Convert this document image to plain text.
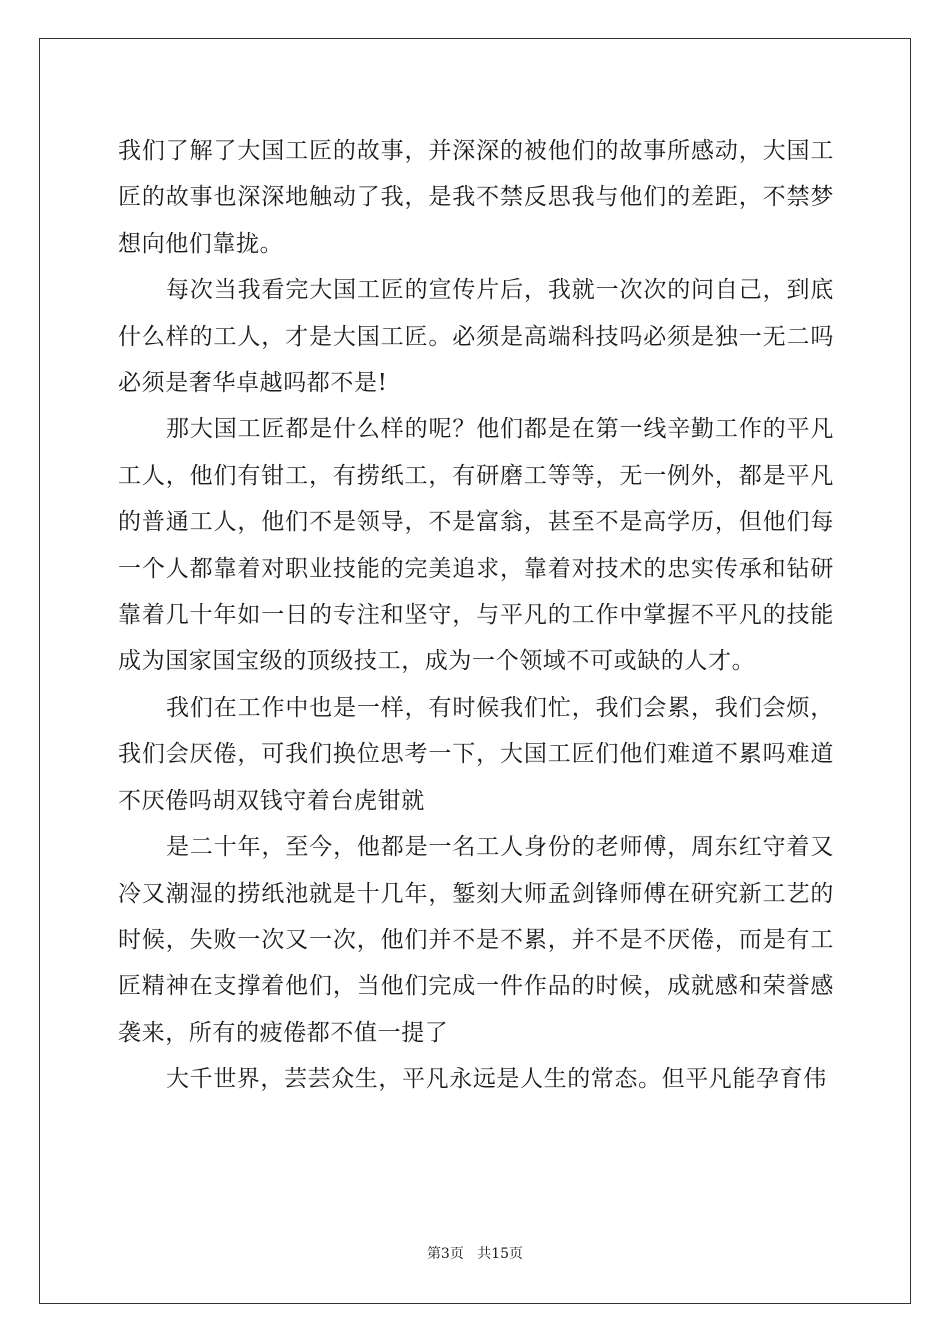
我们了解了大国工匠的故事，并深深的被他们的故事所感动，大国工匠的故事也深深地触动了我，是我不禁反思我与他们的差距，不禁梦想向他们靠拢。

每次当我看完大国工匠的宣传片后，我就一次次的问自己，到底什么样的工人，才是大国工匠。必须是高端科技吗必须是独一无二吗必须是奢华卓越吗都不是!

那大国工匠都是什么样的呢？他们都是在第一线辛勤工作的平凡工人，他们有钳工，有捞纸工，有研磨工等等，无一例外，都是平凡的普通工人，他们不是领导，不是富翁，甚至不是高学历，但他们每一个人都靠着对职业技能的完美追求，靠着对技术的忠实传承和钻研靠着几十年如一日的专注和坚守，与平凡的工作中掌握不平凡的技能成为国家国宝级的顶级技工，成为一个领域不可或缺的人才。

我们在工作中也是一样，有时候我们忙，我们会累，我们会烦，我们会厌倦，可我们换位思考一下，大国工匠们他们难道不累吗难道不厌倦吗胡双钱守着台虎钳就

是二十年，至今，他都是一名工人身份的老师傅，周东红守着又冷又潮湿的捞纸池就是十几年，錾刻大师孟剑锋师傅在研究新工艺的时候，失败一次又一次，他们并不是不累，并不是不厌倦，而是有工匠精神在支撑着他们，当他们完成一件作品的时候，成就感和荣誉感袭来，所有的疲倦都不值一提了

大千世界，芸芸众生，平凡永远是人生的常态。但平凡能孕育伟

第3页 共15页
